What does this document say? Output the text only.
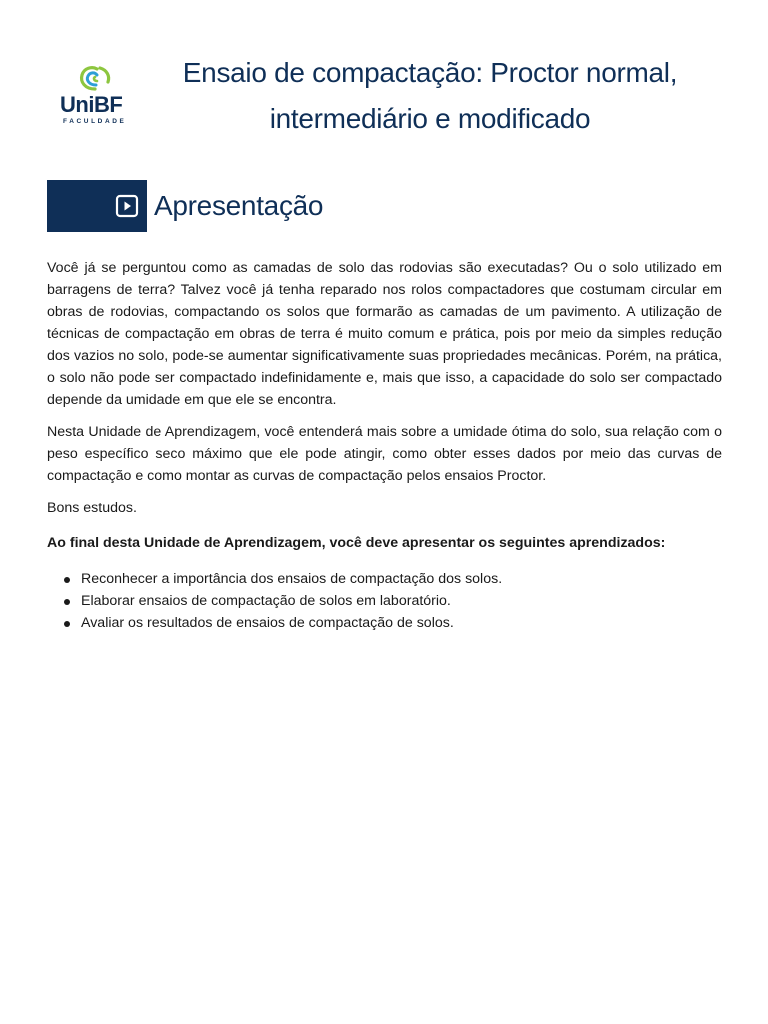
UniBF
FACULDADE
Ensaio de compactação: Proctor normal,
intermediário e modificado
Apresentação

Você já se perguntou como as camadas de solo das rodovias são executadas? Ou o solo utilizado em barragens de terra? Talvez você já tenha reparado nos rolos compactadores que costumam circular em obras de rodovias, compactando os solos que formarão as camadas de um pavimento. A utilização de técnicas de compactação em obras de terra é muito comum e prática, pois por meio da simples redução dos vazios no solo, pode-se aumentar significativamente suas propriedades mecânicas. Porém, na prática, o solo não pode ser compactado indefinidamente e, mais que isso, a capacidade do solo ser compactado depende da umidade em que ele se encontra.

Nesta Unidade de Aprendizagem, você entenderá mais sobre a umidade ótima do solo, sua relação com o peso específico seco máximo que ele pode atingir, como obter esses dados por meio das curvas de compactação e como montar as curvas de compactação pelos ensaios Proctor.

Bons estudos.

Ao final desta Unidade de Aprendizagem, você deve apresentar os seguintes aprendizados:

Reconhecer a importância dos ensaios de compactação dos solos.
Elaborar ensaios de compactação de solos em laboratório.
Avaliar os resultados de ensaios de compactação de solos.
